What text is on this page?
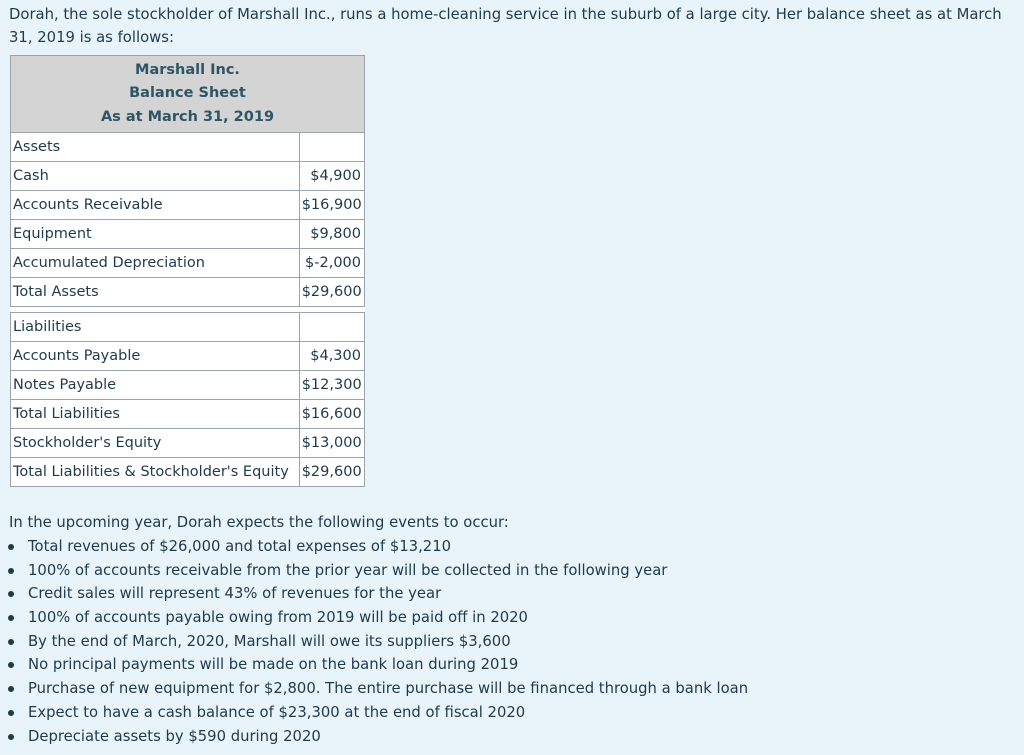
Dorah, the sole stockholder of Marshall Inc., runs a home-cleaning service in the suburb of a large city. Her balance sheet as at March 31, 2019 is as follows:

Marshall Inc.
Balance Sheet
As at March 31, 2019	

Assets	
Cash	$4,900
Accounts Receivable	$16,900
Equipment	$9,800
Accumulated Depreciation	$-2,000
Total Assets	$29,600

Liabilities	
Accounts Payable	$4,300
Notes Payable	$12,300
Total Liabilities	$16,600
Stockholder's Equity	$13,000
Total Liabilities & Stockholder's Equity	$29,600

In the upcoming year, Dorah expects the following events to occur:

Total revenues of $26,000 and total expenses of $13,210
100% of accounts receivable from the prior year will be collected in the following year
Credit sales will represent 43% of revenues for the year
100% of accounts payable owing from 2019 will be paid off in 2020
By the end of March, 2020, Marshall will owe its suppliers $3,600
No principal payments will be made on the bank loan during 2019
Purchase of new equipment for $2,800. The entire purchase will be financed through a bank loan
Expect to have a cash balance of $23,300 at the end of fiscal 2020
Depreciate assets by $590 during 2020
